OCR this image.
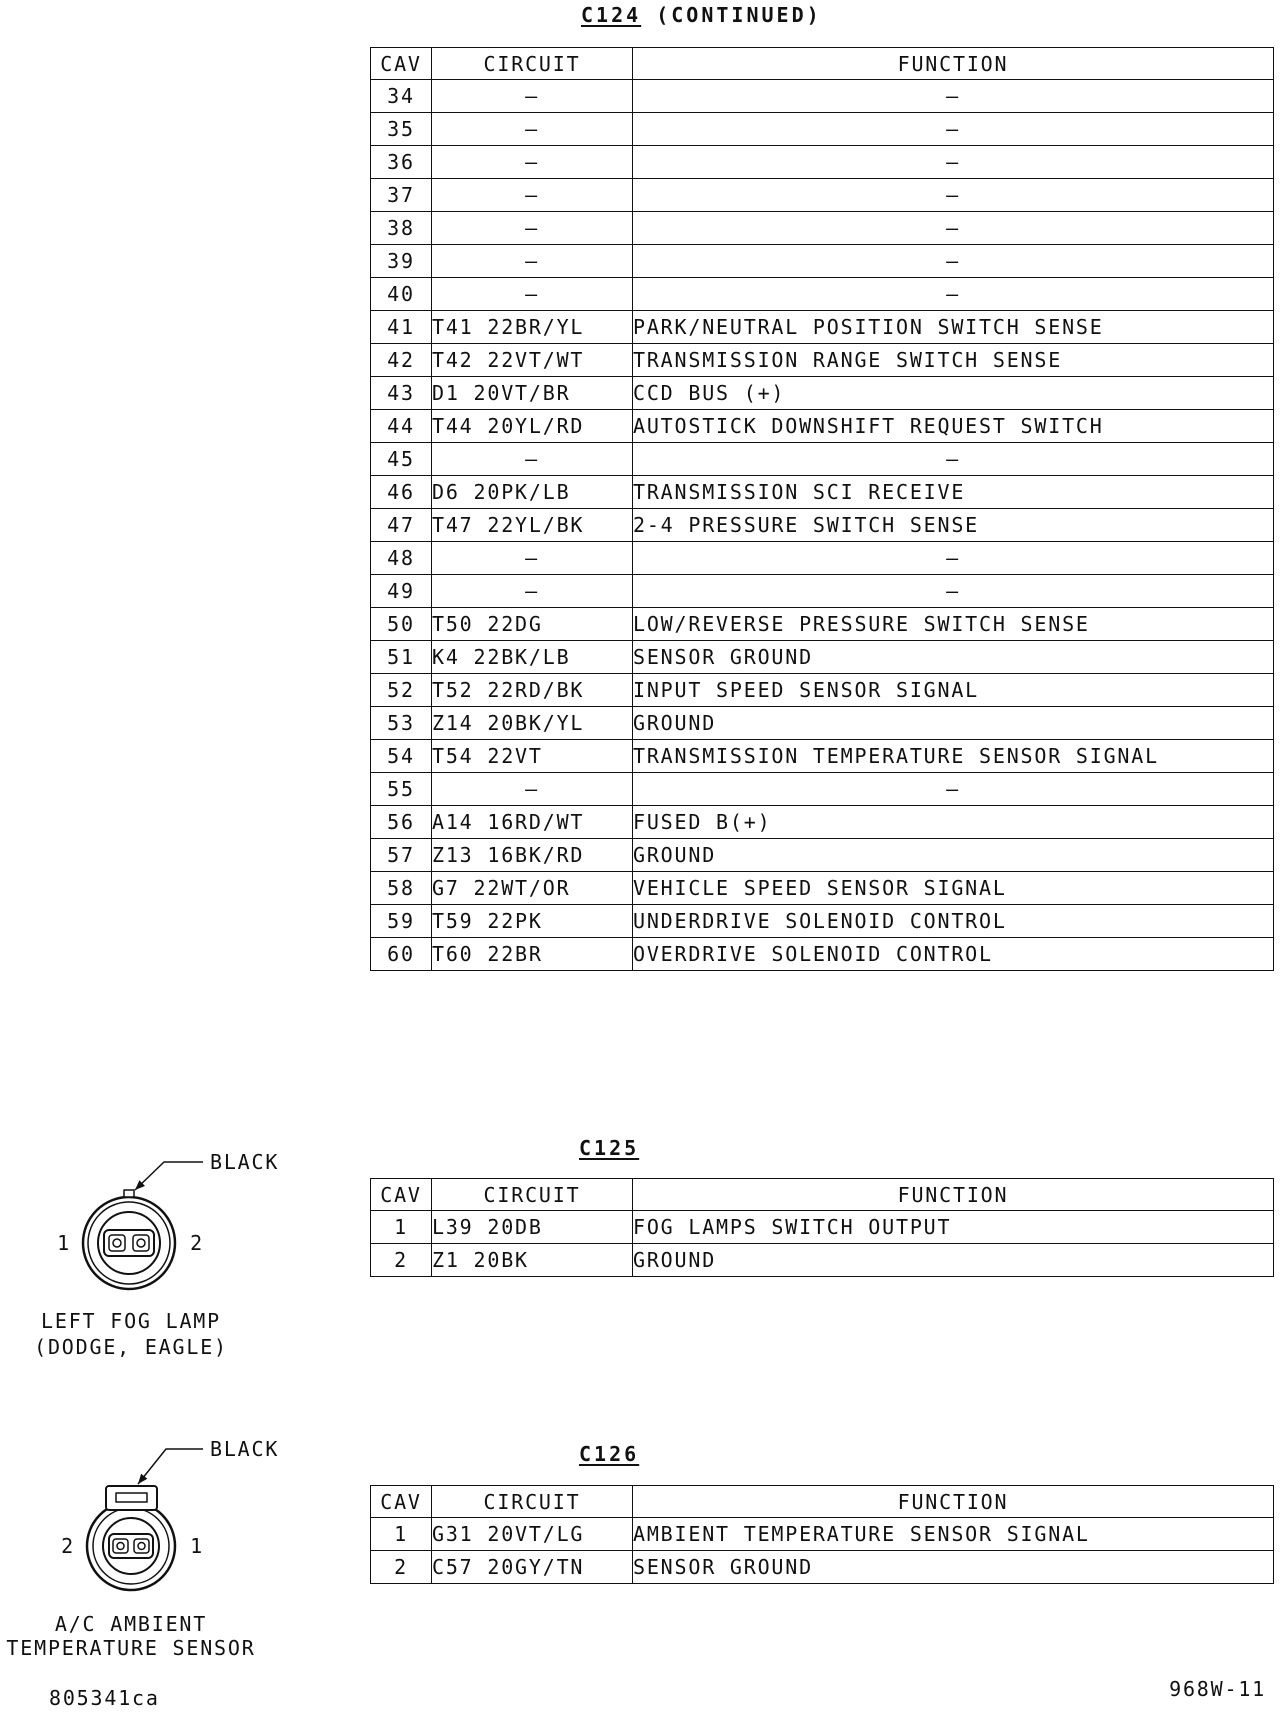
C124 (CONTINUED)
CAV	CIRCUIT	FUNCTION
34	–	–
35	–	–
36	–	–
37	–	–
38	–	–
39	–	–
40	–	–
41	T41 22BR/YL	PARK/NEUTRAL POSITION SWITCH SENSE
42	T42 22VT/WT	TRANSMISSION RANGE SWITCH SENSE
43	D1 20VT/BR	CCD BUS (+)
44	T44 20YL/RD	AUTOSTICK DOWNSHIFT REQUEST SWITCH
45	–	–
46	D6 20PK/LB	TRANSMISSION SCI RECEIVE
47	T47 22YL/BK	2-4 PRESSURE SWITCH SENSE
48	–	–
49	–	–
50	T50 22DG	LOW/REVERSE PRESSURE SWITCH SENSE
51	K4 22BK/LB	SENSOR GROUND
52	T52 22RD/BK	INPUT SPEED SENSOR SIGNAL
53	Z14 20BK/YL	GROUND
54	T54 22VT	TRANSMISSION TEMPERATURE SENSOR SIGNAL
55	–	–
56	A14 16RD/WT	FUSED B(+)
57	Z13 16BK/RD	GROUND
58	G7 22WT/OR	VEHICLE SPEED SENSOR SIGNAL
59	T59 22PK	UNDERDRIVE SOLENOID CONTROL
60	T60 22BR	OVERDRIVE SOLENOID CONTROL
C125
CAV	CIRCUIT	FUNCTION
1	L39 20DB	FOG LAMPS SWITCH OUTPUT
2	Z1 20BK	GROUND
C126
CAV	CIRCUIT	FUNCTION
1	G31 20VT/LG	AMBIENT TEMPERATURE SENSOR SIGNAL
2	C57 20GY/TN	SENSOR GROUND
BLACK
1	2
LEFT FOG LAMP
(DODGE, EAGLE)
BLACK
2	1
A/C AMBIENT
TEMPERATURE SENSOR
805341ca	968W-11
